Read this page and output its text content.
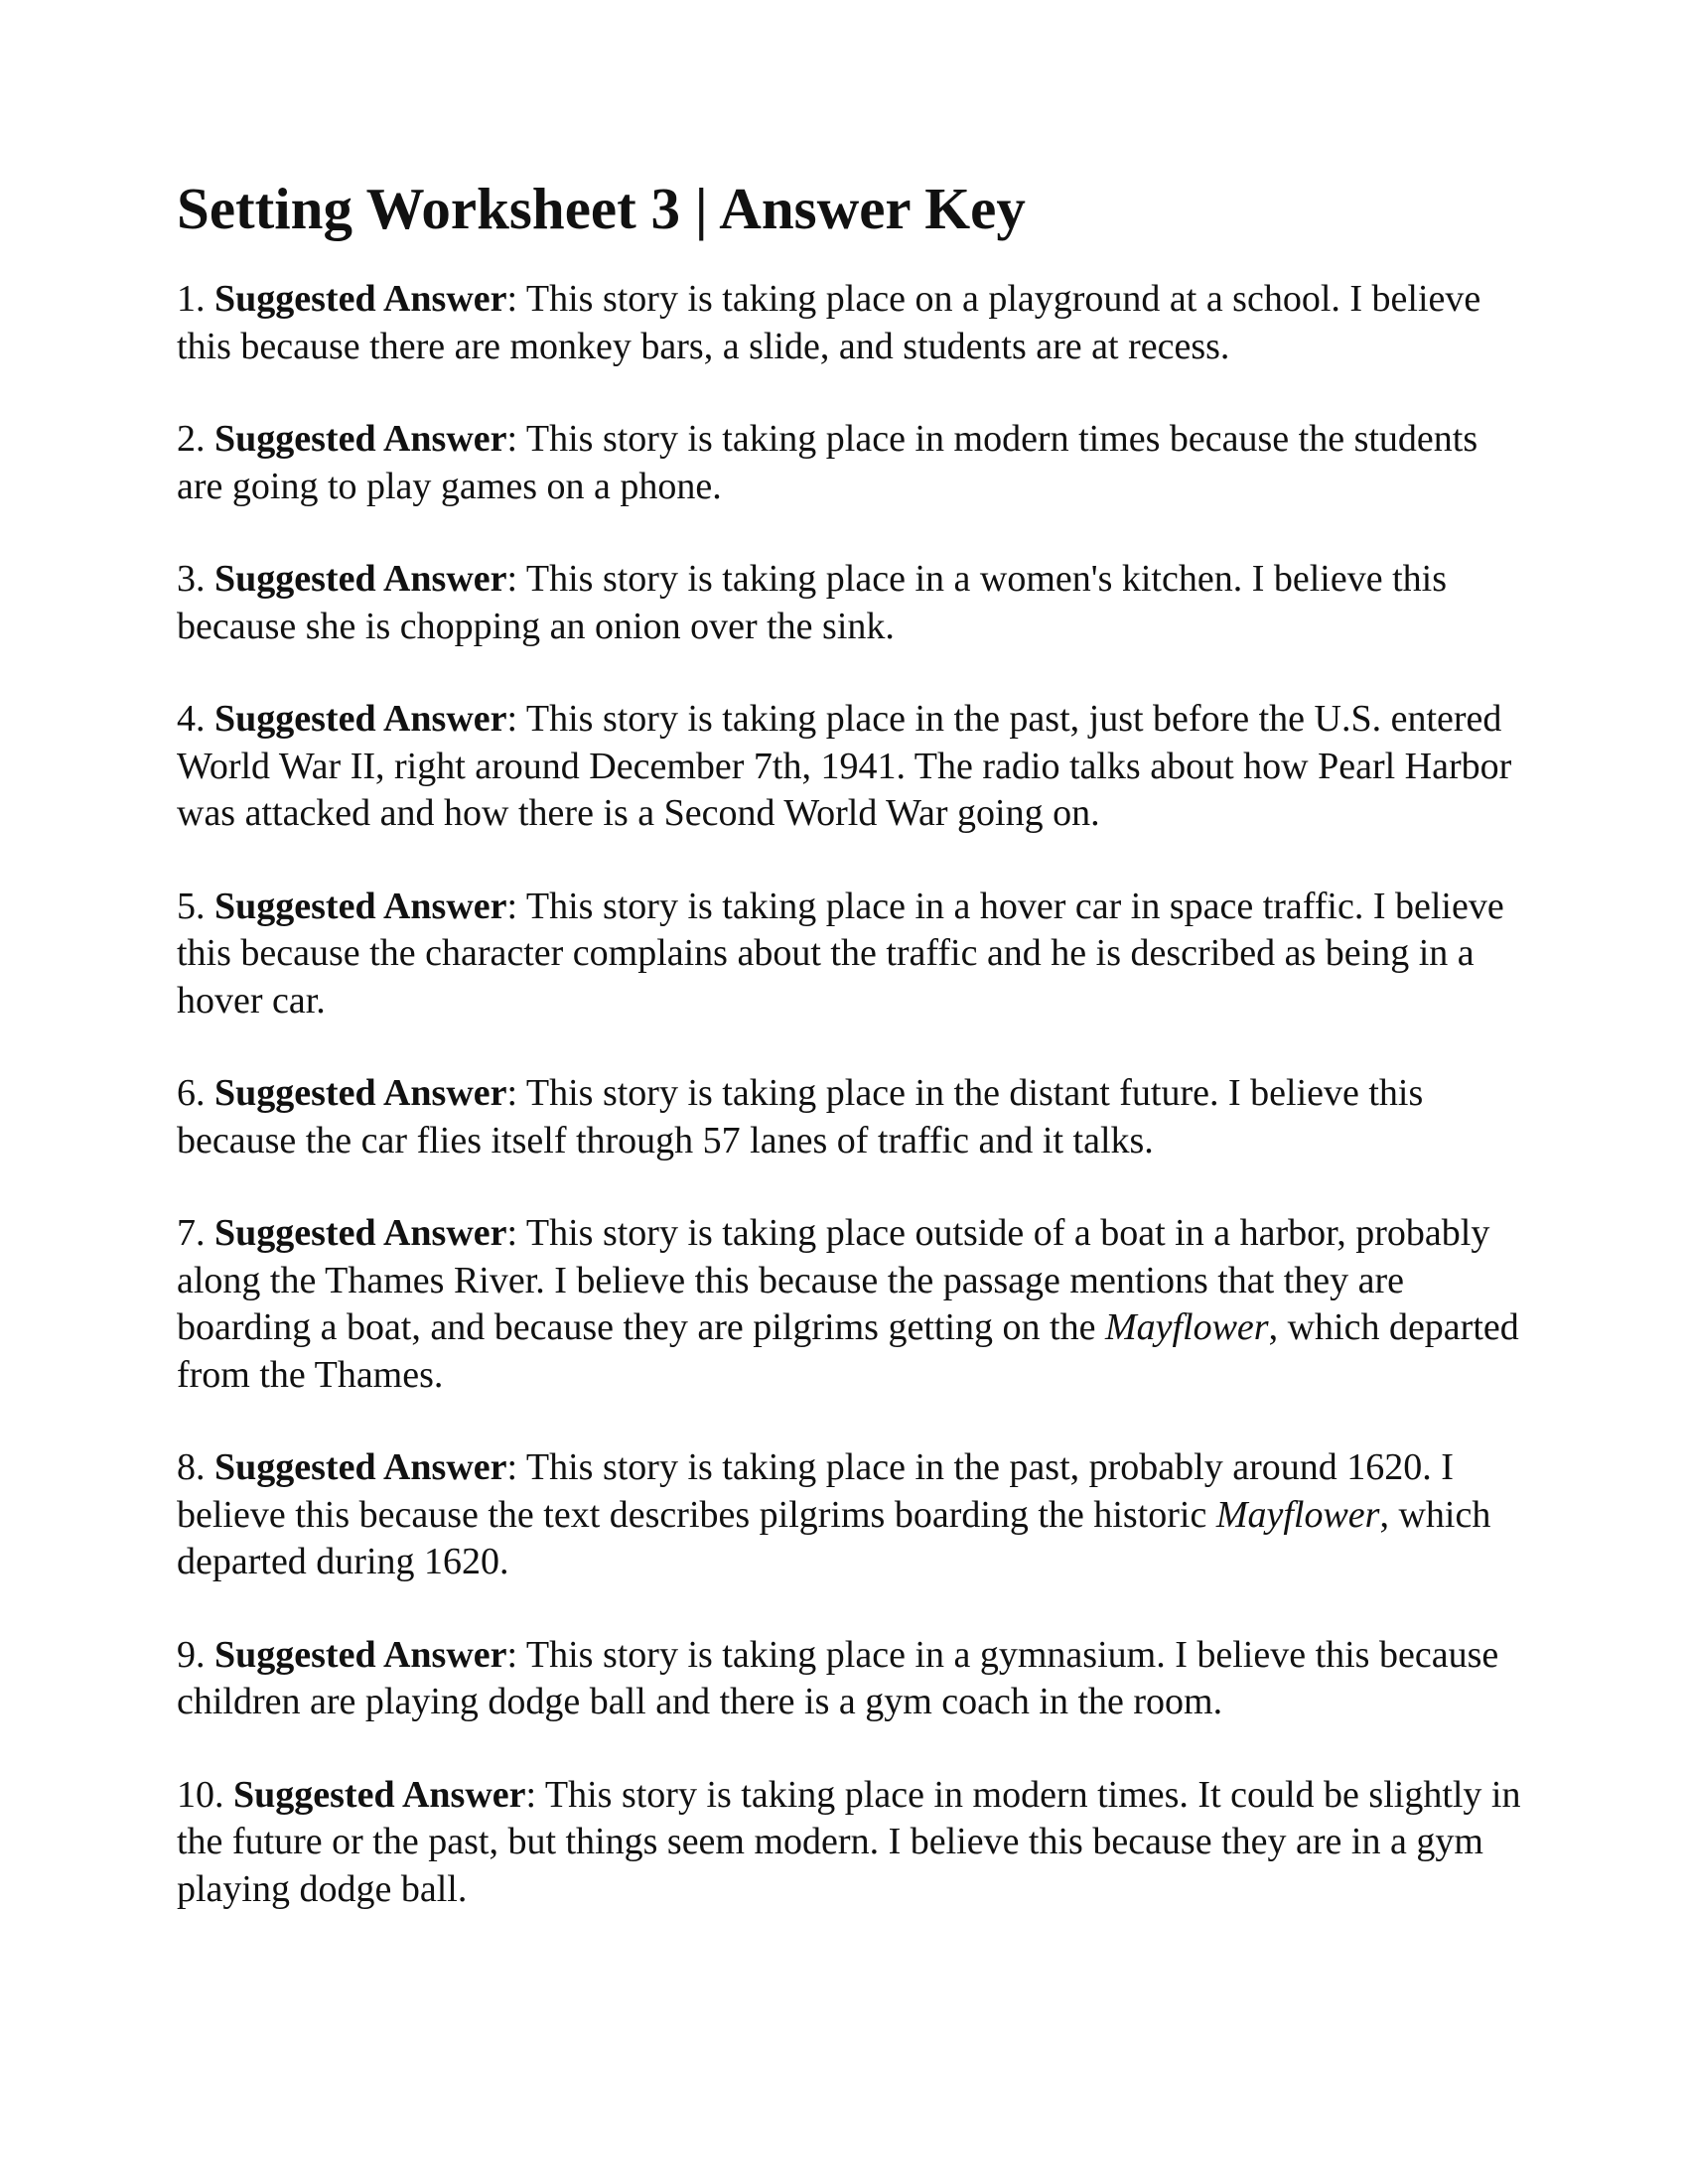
Setting Worksheet 3 | Answer Key

1. Suggested Answer: This story is taking place on a playground at a school. I believe this because there are monkey bars, a slide, and students are at recess.

2. Suggested Answer: This story is taking place in modern times because the students are going to play games on a phone.

3. Suggested Answer: This story is taking place in a women's kitchen. I believe this because she is chopping an onion over the sink.

4. Suggested Answer: This story is taking place in the past, just before the U.S. entered World War II, right around December 7th, 1941. The radio talks about how Pearl Harbor was attacked and how there is a Second World War going on.

5. Suggested Answer: This story is taking place in a hover car in space traffic. I believe this because the character complains about the traffic and he is described as being in a hover car.

6. Suggested Answer: This story is taking place in the distant future. I believe this because the car flies itself through 57 lanes of traffic and it talks.

7. Suggested Answer: This story is taking place outside of a boat in a harbor, probably along the Thames River. I believe this because the passage mentions that they are boarding a boat, and because they are pilgrims getting on the Mayflower, which departed from the Thames.

8. Suggested Answer: This story is taking place in the past, probably around 1620. I believe this because the text describes pilgrims boarding the historic Mayflower, which departed during 1620.

9. Suggested Answer: This story is taking place in a gymnasium. I believe this because children are playing dodge ball and there is a gym coach in the room.

10. Suggested Answer: This story is taking place in modern times. It could be slightly in the future or the past, but things seem modern. I believe this because they are in a gym playing dodge ball.
